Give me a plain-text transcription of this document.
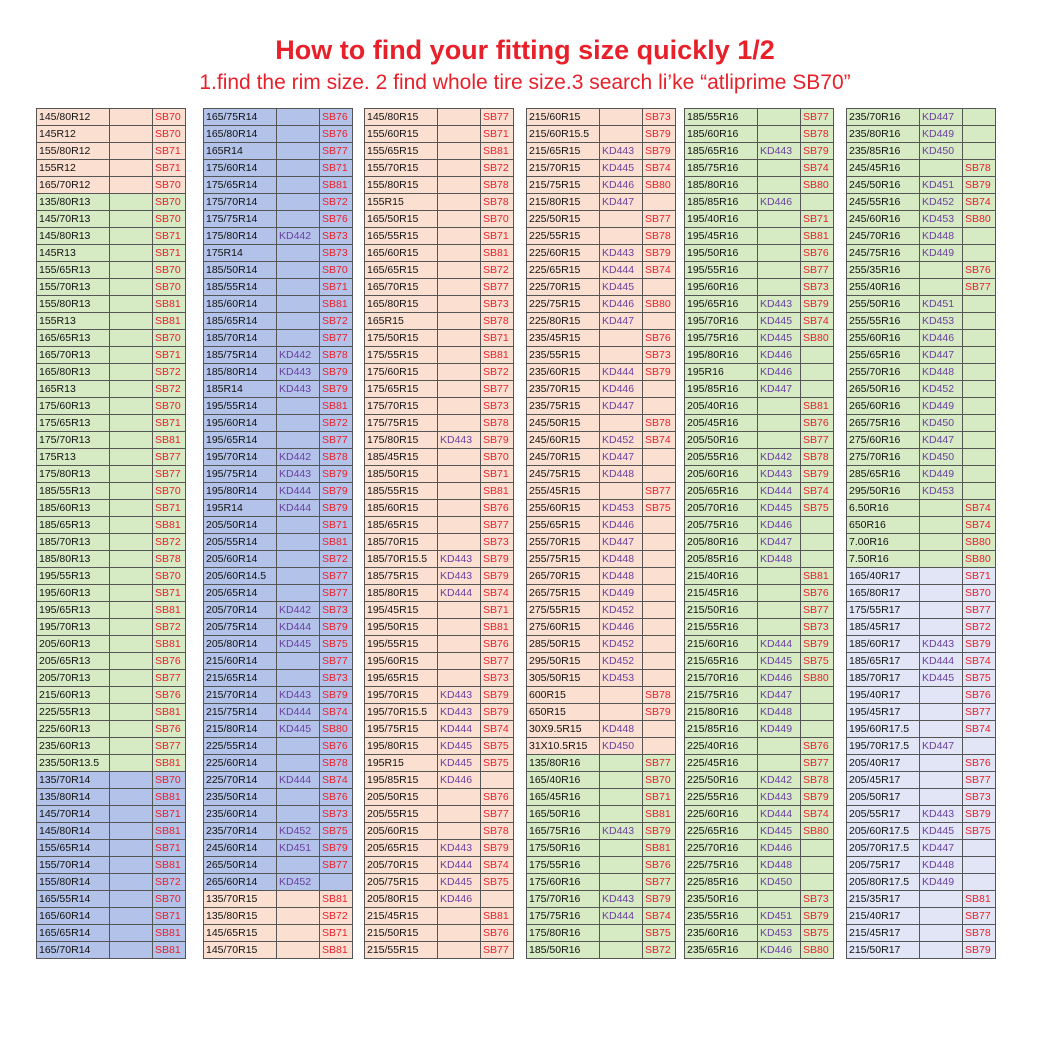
How to find your fitting size quickly 1/2
1.find the rim size. 2 find whole tire size.3 search li’ke “atliprime SB70”
145/80R12		SB70
145R12		SB70
155/80R12		SB71
155R12		SB71
165/70R12		SB70
135/80R13		SB70
145/70R13		SB70
145/80R13		SB71
145R13		SB71
155/65R13		SB70
155/70R13		SB70
155/80R13		SB81
155R13		SB81
165/65R13		SB70
165/70R13		SB71
165/80R13		SB72
165R13		SB72
175/60R13		SB70
175/65R13		SB71
175/70R13		SB81
175R13		SB77
175/80R13		SB77
185/55R13		SB70
185/60R13		SB71
185/65R13		SB81
185/70R13		SB72
185/80R13		SB78
195/55R13		SB70
195/60R13		SB71
195/65R13		SB81
195/70R13		SB72
205/60R13		SB81
205/65R13		SB76
205/70R13		SB77
215/60R13		SB76
225/55R13		SB81
225/60R13		SB76
235/60R13		SB77
235/50R13.5		SB81
135/70R14		SB70
135/80R14		SB81
145/70R14		SB71
145/80R14		SB81
155/65R14		SB71
155/70R14		SB81
155/80R14		SB72
165/55R14		SB70
165/60R14		SB71
165/65R14		SB81
165/70R14		SB81
165/75R14		SB76
165/80R14		SB76
165R14		SB77
175/60R14		SB71
175/65R14		SB81
175/70R14		SB72
175/75R14		SB76
175/80R14	KD442	SB73
175R14		SB73
185/50R14		SB70
185/55R14		SB71
185/60R14		SB81
185/65R14		SB72
185/70R14		SB77
185/75R14	KD442	SB78
185/80R14	KD443	SB79
185R14	KD443	SB79
195/55R14		SB81
195/60R14		SB72
195/65R14		SB77
195/70R14	KD442	SB78
195/75R14	KD443	SB79
195/80R14	KD444	SB79
195R14	KD444	SB79
205/50R14		SB71
205/55R14		SB81
205/60R14		SB72
205/60R14.5		SB77
205/65R14		SB77
205/70R14	KD442	SB73
205/75R14	KD444	SB79
205/80R14	KD445	SB75
215/60R14		SB77
215/65R14		SB73
215/70R14	KD443	SB79
215/75R14	KD444	SB74
215/80R14	KD445	SB80
225/55R14		SB76
225/60R14		SB78
225/70R14	KD444	SB74
235/50R14		SB76
235/60R14		SB73
235/70R14	KD452	SB75
245/60R14	KD451	SB79
265/50R14		SB77
265/60R14	KD452	
135/70R15		SB81
135/80R15		SB72
145/65R15		SB71
145/70R15		SB81
145/80R15		SB77
155/60R15		SB71
155/65R15		SB81
155/70R15		SB72
155/80R15		SB78
155R15		SB78
165/50R15		SB70
165/55R15		SB71
165/60R15		SB81
165/65R15		SB72
165/70R15		SB77
165/80R15		SB73
165R15		SB78
175/50R15		SB71
175/55R15		SB81
175/60R15		SB72
175/65R15		SB77
175/70R15		SB73
175/75R15		SB78
175/80R15	KD443	SB79
185/45R15		SB70
185/50R15		SB71
185/55R15		SB81
185/60R15		SB76
185/65R15		SB77
185/70R15		SB73
185/70R15.5	KD443	SB79
185/75R15	KD443	SB79
185/80R15	KD444	SB74
195/45R15		SB71
195/50R15		SB81
195/55R15		SB76
195/60R15		SB77
195/65R15		SB73
195/70R15	KD443	SB79
195/70R15.5	KD443	SB79
195/75R15	KD444	SB74
195/80R15	KD445	SB75
195R15	KD445	SB75
195/85R15	KD446	
205/50R15		SB76
205/55R15		SB77
205/60R15		SB78
205/65R15	KD443	SB79
205/70R15	KD444	SB74
205/75R15	KD445	SB75
205/80R15	KD446	
215/45R15		SB81
215/50R15		SB76
215/55R15		SB77
215/60R15		SB73
215/60R15.5		SB79
215/65R15	KD443	SB79
215/70R15	KD445	SB74
215/75R15	KD446	SB80
215/80R15	KD447	
225/50R15		SB77
225/55R15		SB78
225/60R15	KD443	SB79
225/65R15	KD444	SB74
225/70R15	KD445	
225/75R15	KD446	SB80
225/80R15	KD447	
235/45R15		SB76
235/55R15		SB73
235/60R15	KD444	SB79
235/70R15	KD446	
235/75R15	KD447	
245/50R15		SB78
245/60R15	KD452	SB74
245/70R15	KD447	
245/75R15	KD448	
255/45R15		SB77
255/60R15	KD453	SB75
255/65R15	KD446	
255/70R15	KD447	
255/75R15	KD448	
265/70R15	KD448	
265/75R15	KD449	
275/55R15	KD452	
275/60R15	KD446	
285/50R15	KD452	
295/50R15	KD452	
305/50R15	KD453	
600R15		SB78
650R15		SB79
30X9.5R15	KD448	
31X10.5R15	KD450	
135/80R16		SB77
165/40R16		SB70
165/45R16		SB71
165/50R16		SB81
165/75R16	KD443	SB79
175/50R16		SB81
175/55R16		SB76
175/60R16		SB77
175/70R16	KD443	SB79
175/75R16	KD444	SB74
175/80R16		SB75
185/50R16		SB72
185/55R16		SB77
185/60R16		SB78
185/65R16	KD443	SB79
185/75R16		SB74
185/80R16		SB80
185/85R16	KD446	
195/40R16		SB71
195/45R16		SB81
195/50R16		SB76
195/55R16		SB77
195/60R16		SB73
195/65R16	KD443	SB79
195/70R16	KD445	SB74
195/75R16	KD445	SB80
195/80R16	KD446	
195R16	KD446	
195/85R16	KD447	
205/40R16		SB81
205/45R16		SB76
205/50R16		SB77
205/55R16	KD442	SB78
205/60R16	KD443	SB79
205/65R16	KD444	SB74
205/70R16	KD445	SB75
205/75R16	KD446	
205/80R16	KD447	
205/85R16	KD448	
215/40R16		SB81
215/45R16		SB76
215/50R16		SB77
215/55R16		SB73
215/60R16	KD444	SB79
215/65R16	KD445	SB75
215/70R16	KD446	SB80
215/75R16	KD447	
215/80R16	KD448	
215/85R16	KD449	
225/40R16		SB76
225/45R16		SB77
225/50R16	KD442	SB78
225/55R16	KD443	SB79
225/60R16	KD444	SB74
225/65R16	KD445	SB80
225/70R16	KD446	
225/75R16	KD448	
225/85R16	KD450	
235/50R16		SB73
235/55R16	KD451	SB79
235/60R16	KD453	SB75
235/65R16	KD446	SB80
235/70R16	KD447	
235/80R16	KD449	
235/85R16	KD450	
245/45R16		SB78
245/50R16	KD451	SB79
245/55R16	KD452	SB74
245/60R16	KD453	SB80
245/70R16	KD448	
245/75R16	KD449	
255/35R16		SB76
255/40R16		SB77
255/50R16	KD451	
255/55R16	KD453	
255/60R16	KD446	
255/65R16	KD447	
255/70R16	KD448	
265/50R16	KD452	
265/60R16	KD449	
265/75R16	KD450	
275/60R16	KD447	
275/70R16	KD450	
285/65R16	KD449	
295/50R16	KD453	
6.50R16		SB74
650R16		SB74
7.00R16		SB80
7.50R16		SB80
165/40R17		SB71
165/80R17		SB70
175/55R17		SB77
185/45R17		SB72
185/60R17	KD443	SB79
185/65R17	KD444	SB74
185/70R17	KD445	SB75
195/40R17		SB76
195/45R17		SB77
195/60R17.5		SB74
195/70R17.5	KD447	
205/40R17		SB76
205/45R17		SB77
205/50R17		SB73
205/55R17	KD443	SB79
205/60R17.5	KD445	SB75
205/70R17.5	KD447	
205/75R17	KD448	
205/80R17.5	KD449	
215/35R17		SB81
215/40R17		SB77
215/45R17		SB78
215/50R17		SB79
